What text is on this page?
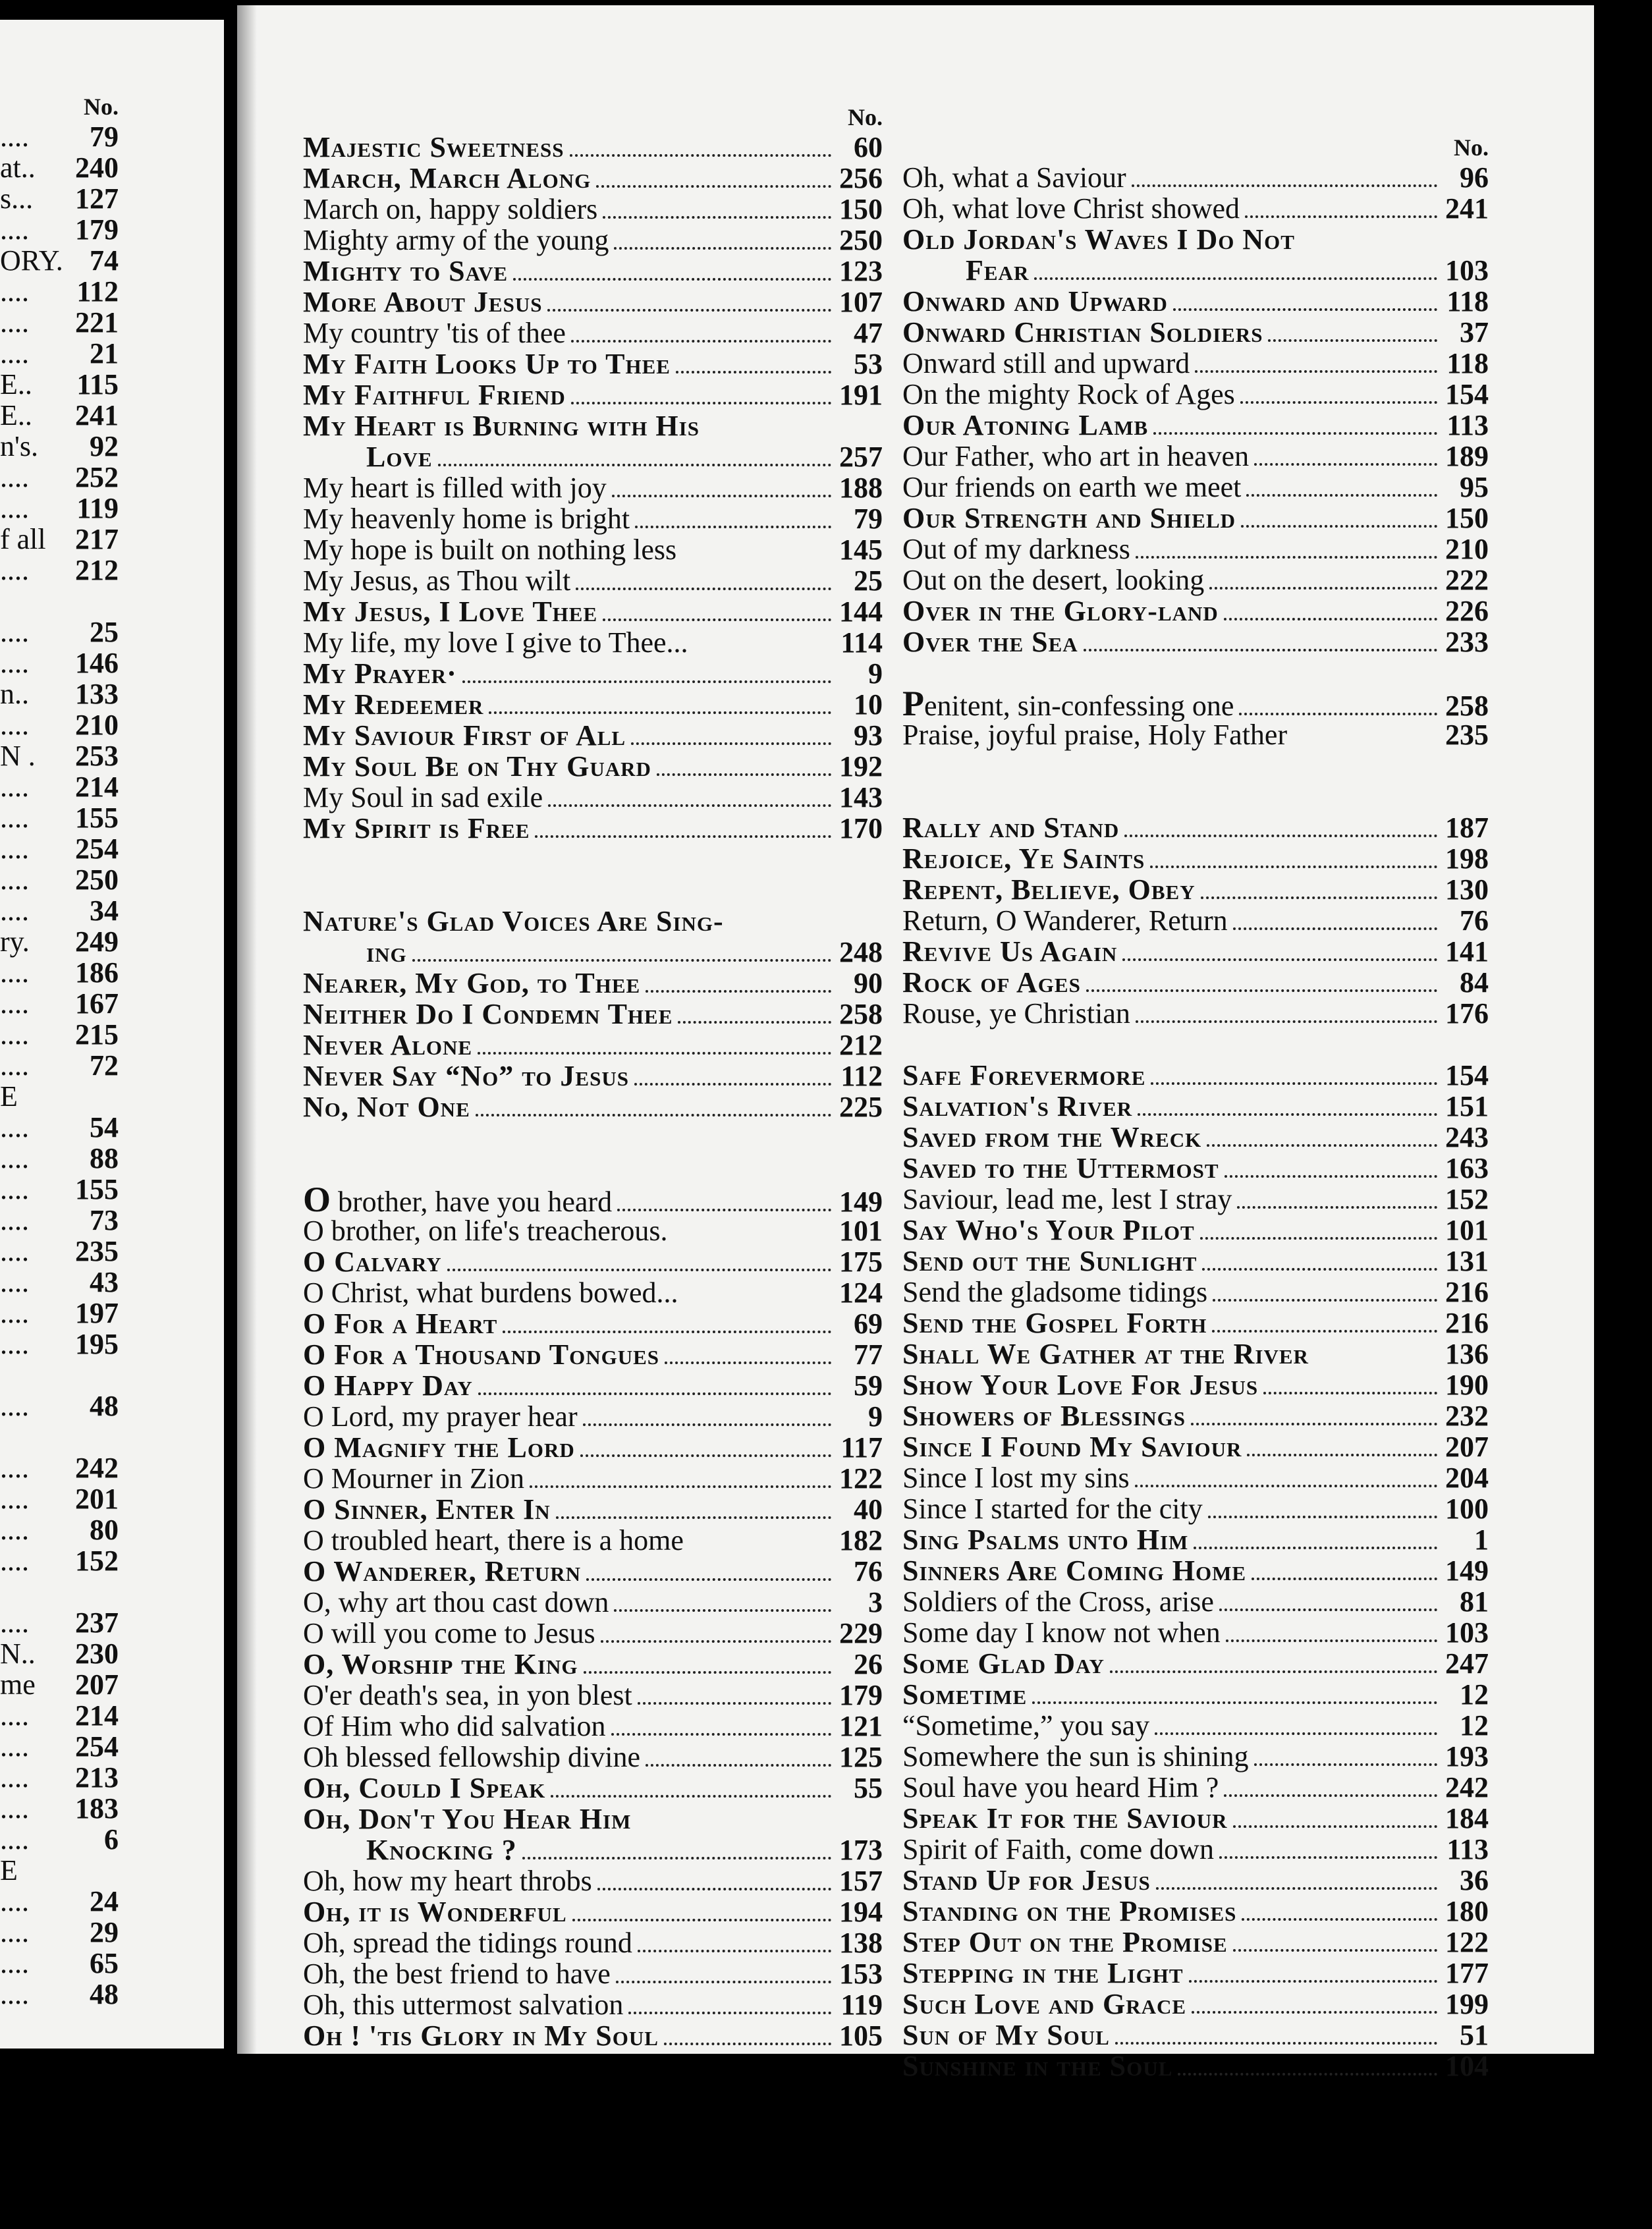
No.
.... 79
at.. 240
s... 127
.... 179
ORY. 74
.... 112
.... 221
.... 21
E.. 115
E.. 241
n's. 92
.... 252
.... 119
f all 217
.... 212
.... 25
.... 146
n.. 133
.... 210
N . 253
.... 214
.... 155
.... 254
.... 250
.... 34
ry. 249
.... 186
.... 167
.... 215
.... 72
E
.... 54
.... 88
.... 155
.... 73
.... 235
.... 43
.... 197
.... 195
.... 48
.... 242
.... 201
.... 80
.... 152
.... 237
N.. 230
me 207
.... 214
.... 254
.... 213
.... 183
....	6
E
.... 24
.... 29
.... 65
.... 48
No.
Majestic Sweetness	60
March, March Along	256
March on, happy soldiers	150
Mighty army of the young	250
Mighty to Save	123
More About Jesus	107
My country 'tis of thee	47
My Faith Looks Up to Thee	53
My Faithful Friend	191
My Heart is Burning with His
Love	257
My heart is filled with joy	188
My heavenly home is bright	79
My hope is built on nothing less	145
My Jesus, as Thou wilt	25
My Jesus, I Love Thee	144
My life, my love I give to Thee...	114
My Prayer·	9
My Redeemer	10
My Saviour First of All	93
My Soul Be on Thy Guard	192
My Soul in sad exile	143
My Spirit is Free	170
Nature's Glad Voices Are Sing-
ing	248
Nearer, My God, to Thee	90
Neither Do I Condemn Thee	258
Never Alone	212
Never Say “No” to Jesus	112
No, Not One	225
O brother, have you heard	149
O brother, on life's treacherous.	101
O Calvary	175
O Christ, what burdens bowed...	124
O For a Heart	69
O For a Thousand Tongues	77
O Happy Day	59
O Lord, my prayer hear	9
O Magnify the Lord	117
O Mourner in Zion	122
O Sinner, Enter In	40
O troubled heart, there is a home	182
O Wanderer, Return	76
O, why art thou cast down	3
O will you come to Jesus	229
O, Worship the King	26
O'er death's sea, in yon blest	179
Of Him who did salvation	121
Oh blessed fellowship divine	125
Oh, Could I Speak	55
Oh, Don't You Hear Him
Knocking ?	173
Oh, how my heart throbs	157
Oh, it is Wonderful	194
Oh, spread the tidings round	138
Oh, the best friend to have	153
Oh, this uttermost salvation	119
Oh ! 'tis Glory in My Soul	105
No.
Oh, what a Saviour	96
Oh, what love Christ showed	241
Old Jordan's Waves I Do Not
Fear	103
Onward and Upward	118
Onward Christian Soldiers	37
Onward still and upward	118
On the mighty Rock of Ages	154
Our Atoning Lamb	113
Our Father, who art in heaven	189
Our friends on earth we meet	95
Our Strength and Shield	150
Out of my darkness	210
Out on the desert, looking	222
Over in the Glory-land	226
Over the Sea	233
Penitent, sin-confessing one	258
Praise, joyful praise, Holy Father	235
Rally and Stand	187
Rejoice, Ye Saints	198
Repent, Believe, Obey	130
Return, O Wanderer, Return	76
Revive Us Again	141
Rock of Ages	84
Rouse, ye Christian	176
Safe Forevermore	154
Salvation's River	151
Saved from the Wreck	243
Saved to the Uttermost	163
Saviour, lead me, lest I stray	152
Say Who's Your Pilot	101
Send out the Sunlight	131
Send the gladsome tidings	216
Send the Gospel Forth	216
Shall We Gather at the River	136
Show Your Love For Jesus	190
Showers of Blessings	232
Since I Found My Saviour	207
Since I lost my sins	204
Since I started for the city	100
Sing Psalms unto Him	1
Sinners Are Coming Home	149
Soldiers of the Cross, arise	81
Some day I know not when	103
Some Glad Day	247
Sometime	12
“Sometime,” you say	12
Somewhere the sun is shining	193
Soul have you heard Him ?	242
Speak It for the Saviour	184
Spirit of Faith, come down	113
Stand Up for Jesus	36
Standing on the Promises	180
Step Out on the Promise	122
Stepping in the Light	177
Such Love and Grace	199
Sun of My Soul	51
Sunshine in the Soul	104
